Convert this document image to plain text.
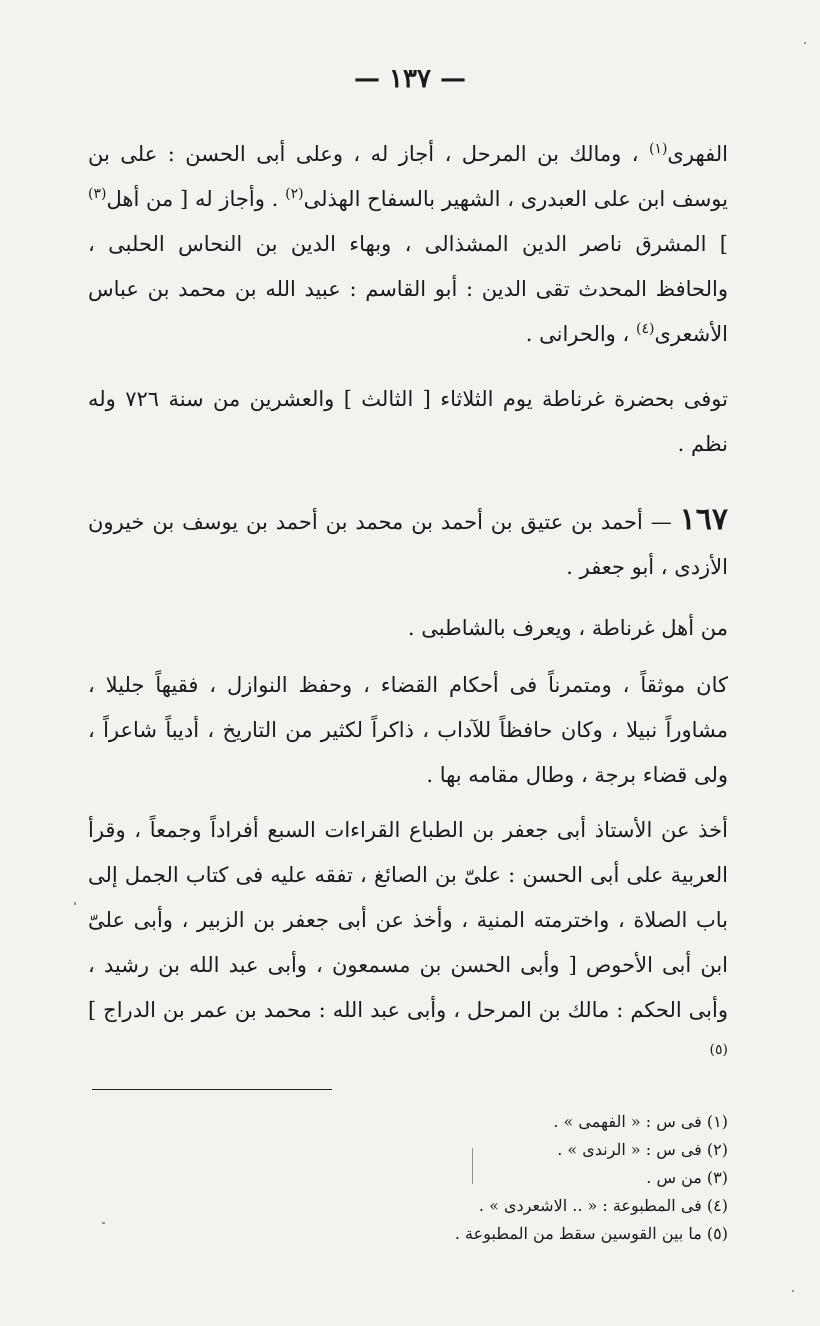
— ١٣٧ —

الفهرى$^{(١)}$ ، ومالك بن المرحل ، أجاز له ، وعلى أبى الحسن : على بن يوسف ابن على العبدرى ، الشهير بالسفاح الهذلى$^{(٢)}$ . وأجاز له [ من أهل$^{(٣)}$ ] المشرق ناصر الدين المشذالى ، وبهاء الدين بن النحاس الحلبى ، والحافظ المحدث تقى الدين : أبو القاسم : عبيد الله بن محمد بن عباس الأشعرى$^{(٤)}$ ، والحرانى .

توفى بحضرة غرناطة يوم الثلاثاء [ الثالث ] والعشرين من سنة ٧٢٦ وله نظم .

١٦٧ — أحمد بن عتيق بن أحمد بن محمد بن أحمد بن يوسف بن خيرون الأزدى ، أبو جعفر .

من أهل غرناطة ، ويعرف بالشاطبى .

كان موثقاً ، ومتمرناً فى أحكام القضاء ، وحفظ النوازل ، فقيهاً جليلا ، مشاوراً نبيلا ، وكان حافظاً للآداب ، ذاكراً لكثير من التاريخ ، أديباً شاعراً ، ولى قضاء برجة ، وطال مقامه بها .

أخذ عن الأستاذ أبى جعفر بن الطباع القراءات السبع أفراداً وجمعاً ، وقرأ العربية على أبى الحسن : علىّ بن الصائغ ، تفقه عليه فى كتاب الجمل إلى باب الصلاة ، واخترمته المنية ، وأخذ عن أبى جعفر بن الزبير ، وأبى علىّ ابن أبى الأحوص [ وأبى الحسن بن مسمعون ، وأبى عبد الله بن رشيد ، وأبى الحكم : مالك بن المرحل ، وأبى عبد الله : محمد بن عمر بن الدراج ]$^{(٥)}$

(١) فى س : « الفهمى » .

(٢) فى س : « الرندى » .

(٣) من س .

(٤) فى المطبوعة : « .. الاشعردى » .

(٥) ما بين القوسين سقط من المطبوعة .
